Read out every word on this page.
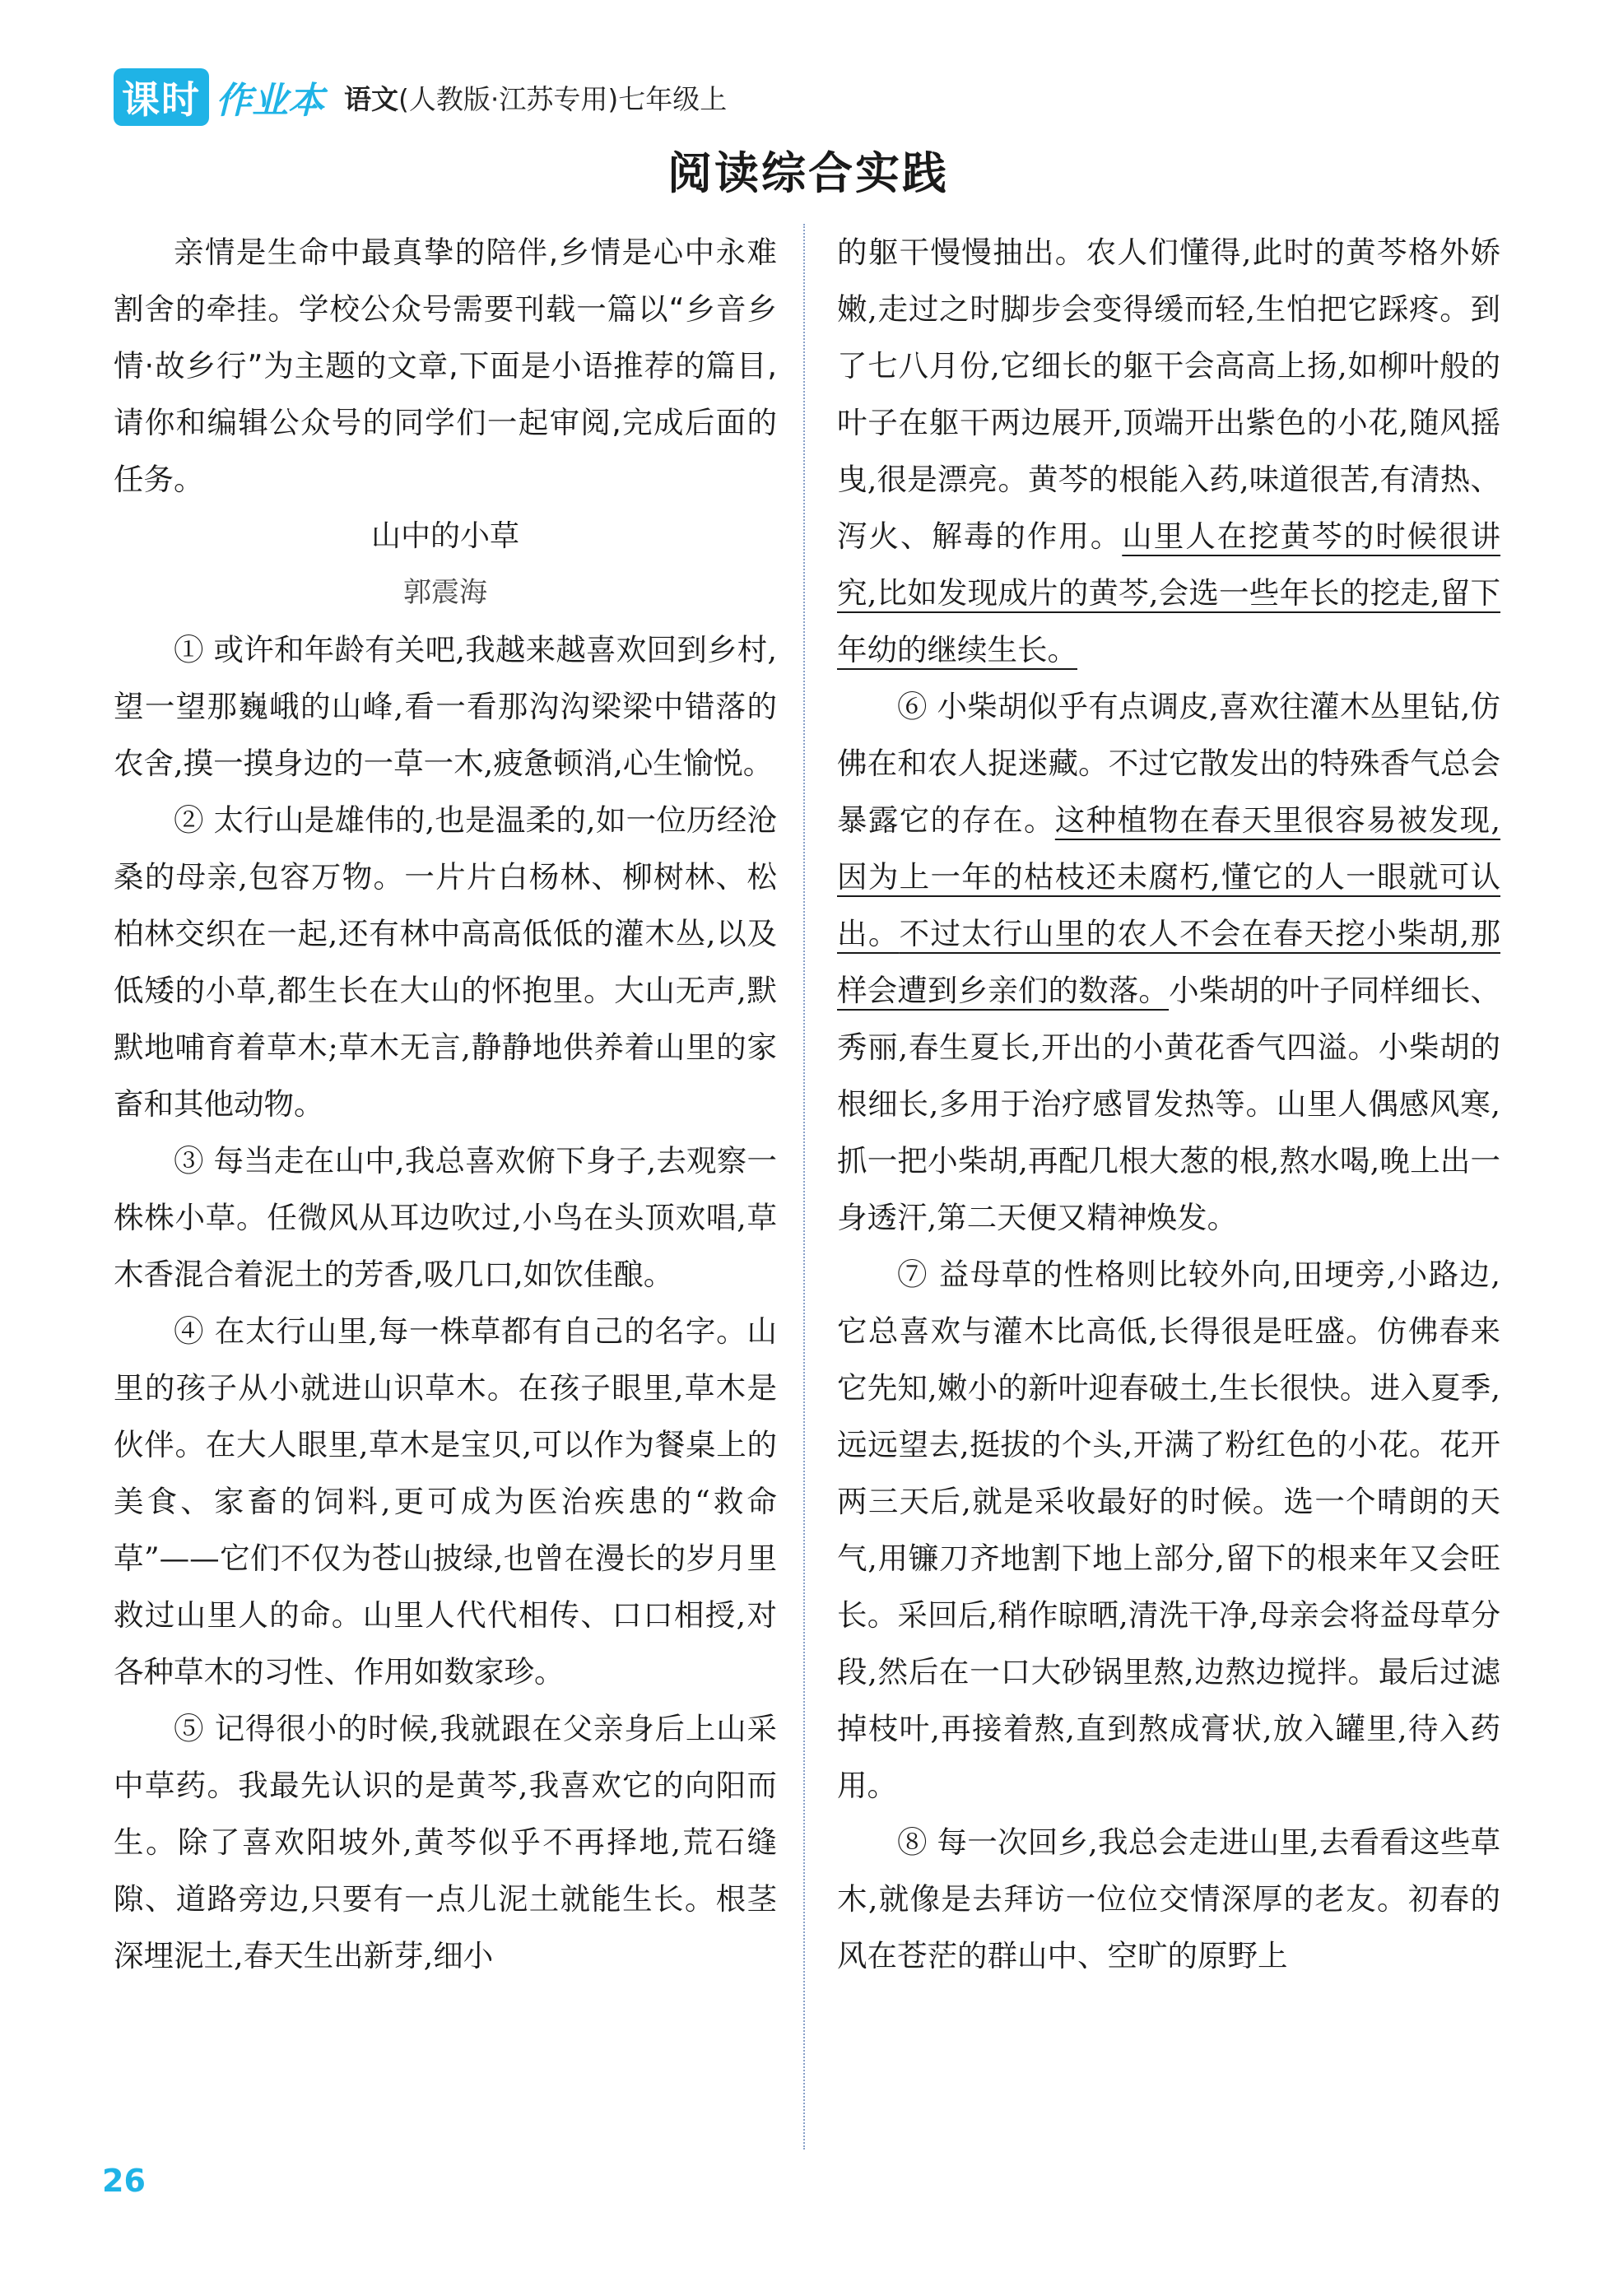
课时 作业本 语文(人教版·江苏专用)七年级上
阅读综合实践

亲情是生命中最真挚的陪伴,乡情是心中永难割舍的牵挂。学校公众号需要刊载一篇以“乡音乡情·故乡行”为主题的文章,下面是小语推荐的篇目,请你和编辑公众号的同学们一起审阅,完成后面的任务。

山中的小草

郭震海

① 或许和年龄有关吧,我越来越喜欢回到乡村,望一望那巍峨的山峰,看一看那沟沟梁梁中错落的农舍,摸一摸身边的一草一木,疲惫顿消,心生愉悦。

② 太行山是雄伟的,也是温柔的,如一位历经沧桑的母亲,包容万物。一片片白杨林、柳树林、松柏林交织在一起,还有林中高高低低的灌木丛,以及低矮的小草,都生长在大山的怀抱里。大山无声,默默地哺育着草木;草木无言,静静地供养着山里的家畜和其他动物。

③ 每当走在山中,我总喜欢俯下身子,去观察一株株小草。任微风从耳边吹过,小鸟在头顶欢唱,草木香混合着泥土的芳香,吸几口,如饮佳酿。

④ 在太行山里,每一株草都有自己的名字。山里的孩子从小就进山识草木。在孩子眼里,草木是伙伴。在大人眼里,草木是宝贝,可以作为餐桌上的美食、家畜的饲料,更可成为医治疾患的“救命草”——它们不仅为苍山披绿,也曾在漫长的岁月里救过山里人的命。山里人代代相传、口口相授,对各种草木的习性、作用如数家珍。

⑤ 记得很小的时候,我就跟在父亲身后上山采中草药。我最先认识的是黄芩,我喜欢它的向阳而生。除了喜欢阳坡外,黄芩似乎不再择地,荒石缝隙、道路旁边,只要有一点儿泥土就能生长。根茎深埋泥土,春天生出新芽,细小

的躯干慢慢抽出。农人们懂得,此时的黄芩格外娇嫩,走过之时脚步会变得缓而轻,生怕把它踩疼。到了七八月份,它细长的躯干会高高上扬,如柳叶般的叶子在躯干两边展开,顶端开出紫色的小花,随风摇曳,很是漂亮。黄芩的根能入药,味道很苦,有清热、泻火、解毒的作用。山里人在挖黄芩的时候很讲究,比如发现成片的黄芩,会选一些年长的挖走,留下年幼的继续生长。

⑥ 小柴胡似乎有点调皮,喜欢往灌木丛里钻,仿佛在和农人捉迷藏。不过它散发出的特殊香气总会暴露它的存在。这种植物在春天里很容易被发现,因为上一年的枯枝还未腐朽,懂它的人一眼就可认出。不过太行山里的农人不会在春天挖小柴胡,那样会遭到乡亲们的数落。小柴胡的叶子同样细长、秀丽,春生夏长,开出的小黄花香气四溢。小柴胡的根细长,多用于治疗感冒发热等。山里人偶感风寒,抓一把小柴胡,再配几根大葱的根,熬水喝,晚上出一身透汗,第二天便又精神焕发。

⑦ 益母草的性格则比较外向,田埂旁,小路边,它总喜欢与灌木比高低,长得很是旺盛。仿佛春来它先知,嫩小的新叶迎春破土,生长很快。进入夏季,远远望去,挺拔的个头,开满了粉红色的小花。花开两三天后,就是采收最好的时候。选一个晴朗的天气,用镰刀齐地割下地上部分,留下的根来年又会旺长。采回后,稍作晾晒,清洗干净,母亲会将益母草分段,然后在一口大砂锅里熬,边熬边搅拌。最后过滤掉枝叶,再接着熬,直到熬成膏状,放入罐里,待入药用。

⑧ 每一次回乡,我总会走进山里,去看看这些草木,就像是去拜访一位位交情深厚的老友。初春的风在苍茫的群山中、空旷的原野上

26
